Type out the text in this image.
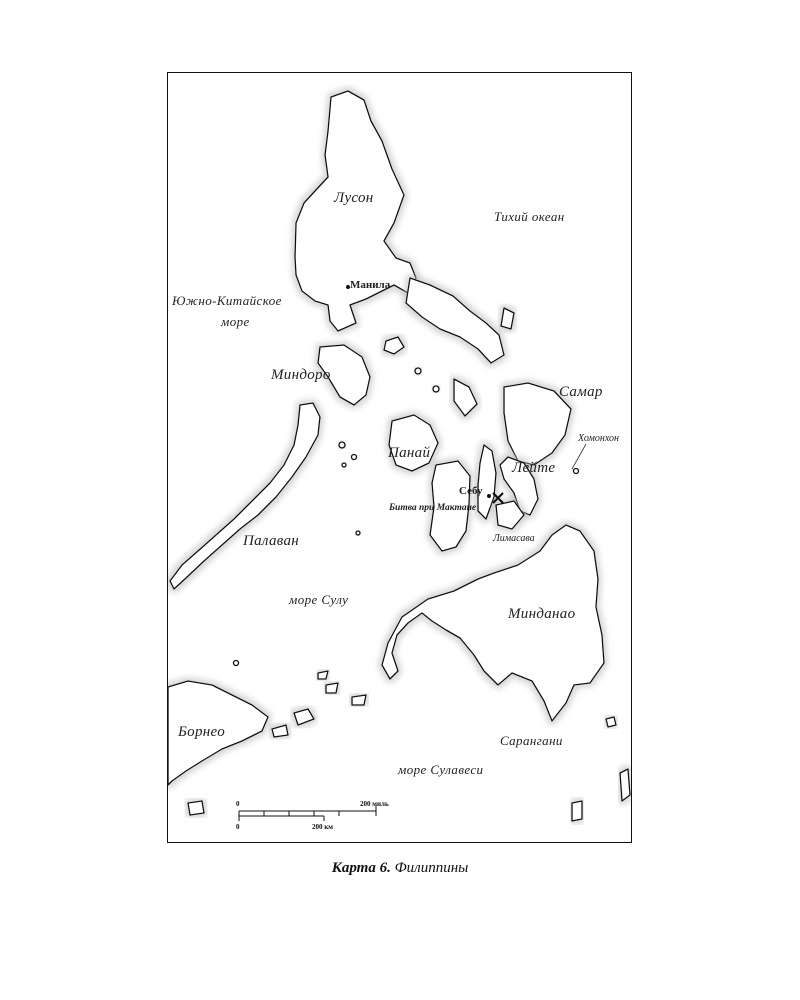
Лусон
Тихий океан
Манила
Южно-Китайское
море
Миндоро
Самар
Хомонхон
Панай
Лейте
Себу
Битва при Мактане
Лимасава
Палаван
море Сулу
Минданао
Борнео
Сарангани
море Сулавеси
0	200 миль
0	200 км
Карта 6. Филиппины
